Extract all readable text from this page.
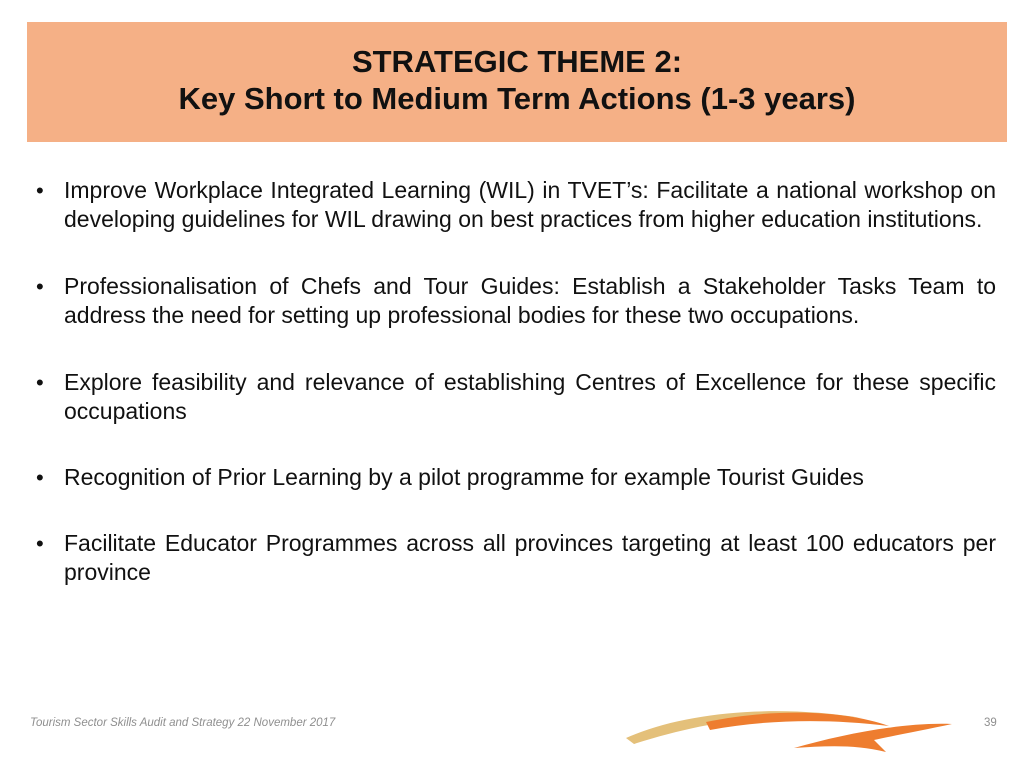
STRATEGIC THEME 2:
Key Short to Medium Term Actions (1-3 years)
• Improve Workplace Integrated Learning (WIL) in TVET’s: Facilitate a national workshop on developing guidelines for WIL drawing on best practices from higher education institutions.
• Professionalisation of Chefs and Tour Guides: Establish a Stakeholder Tasks Team to address the need for setting up professional bodies for these two occupations.
• Explore feasibility and relevance of establishing Centres of Excellence for these specific occupations
• Recognition of Prior Learning by a pilot programme for example Tourist Guides
• Facilitate Educator Programmes across all provinces targeting at least 100 educators per province
Tourism Sector Skills Audit and Strategy 22 November 2017	39
